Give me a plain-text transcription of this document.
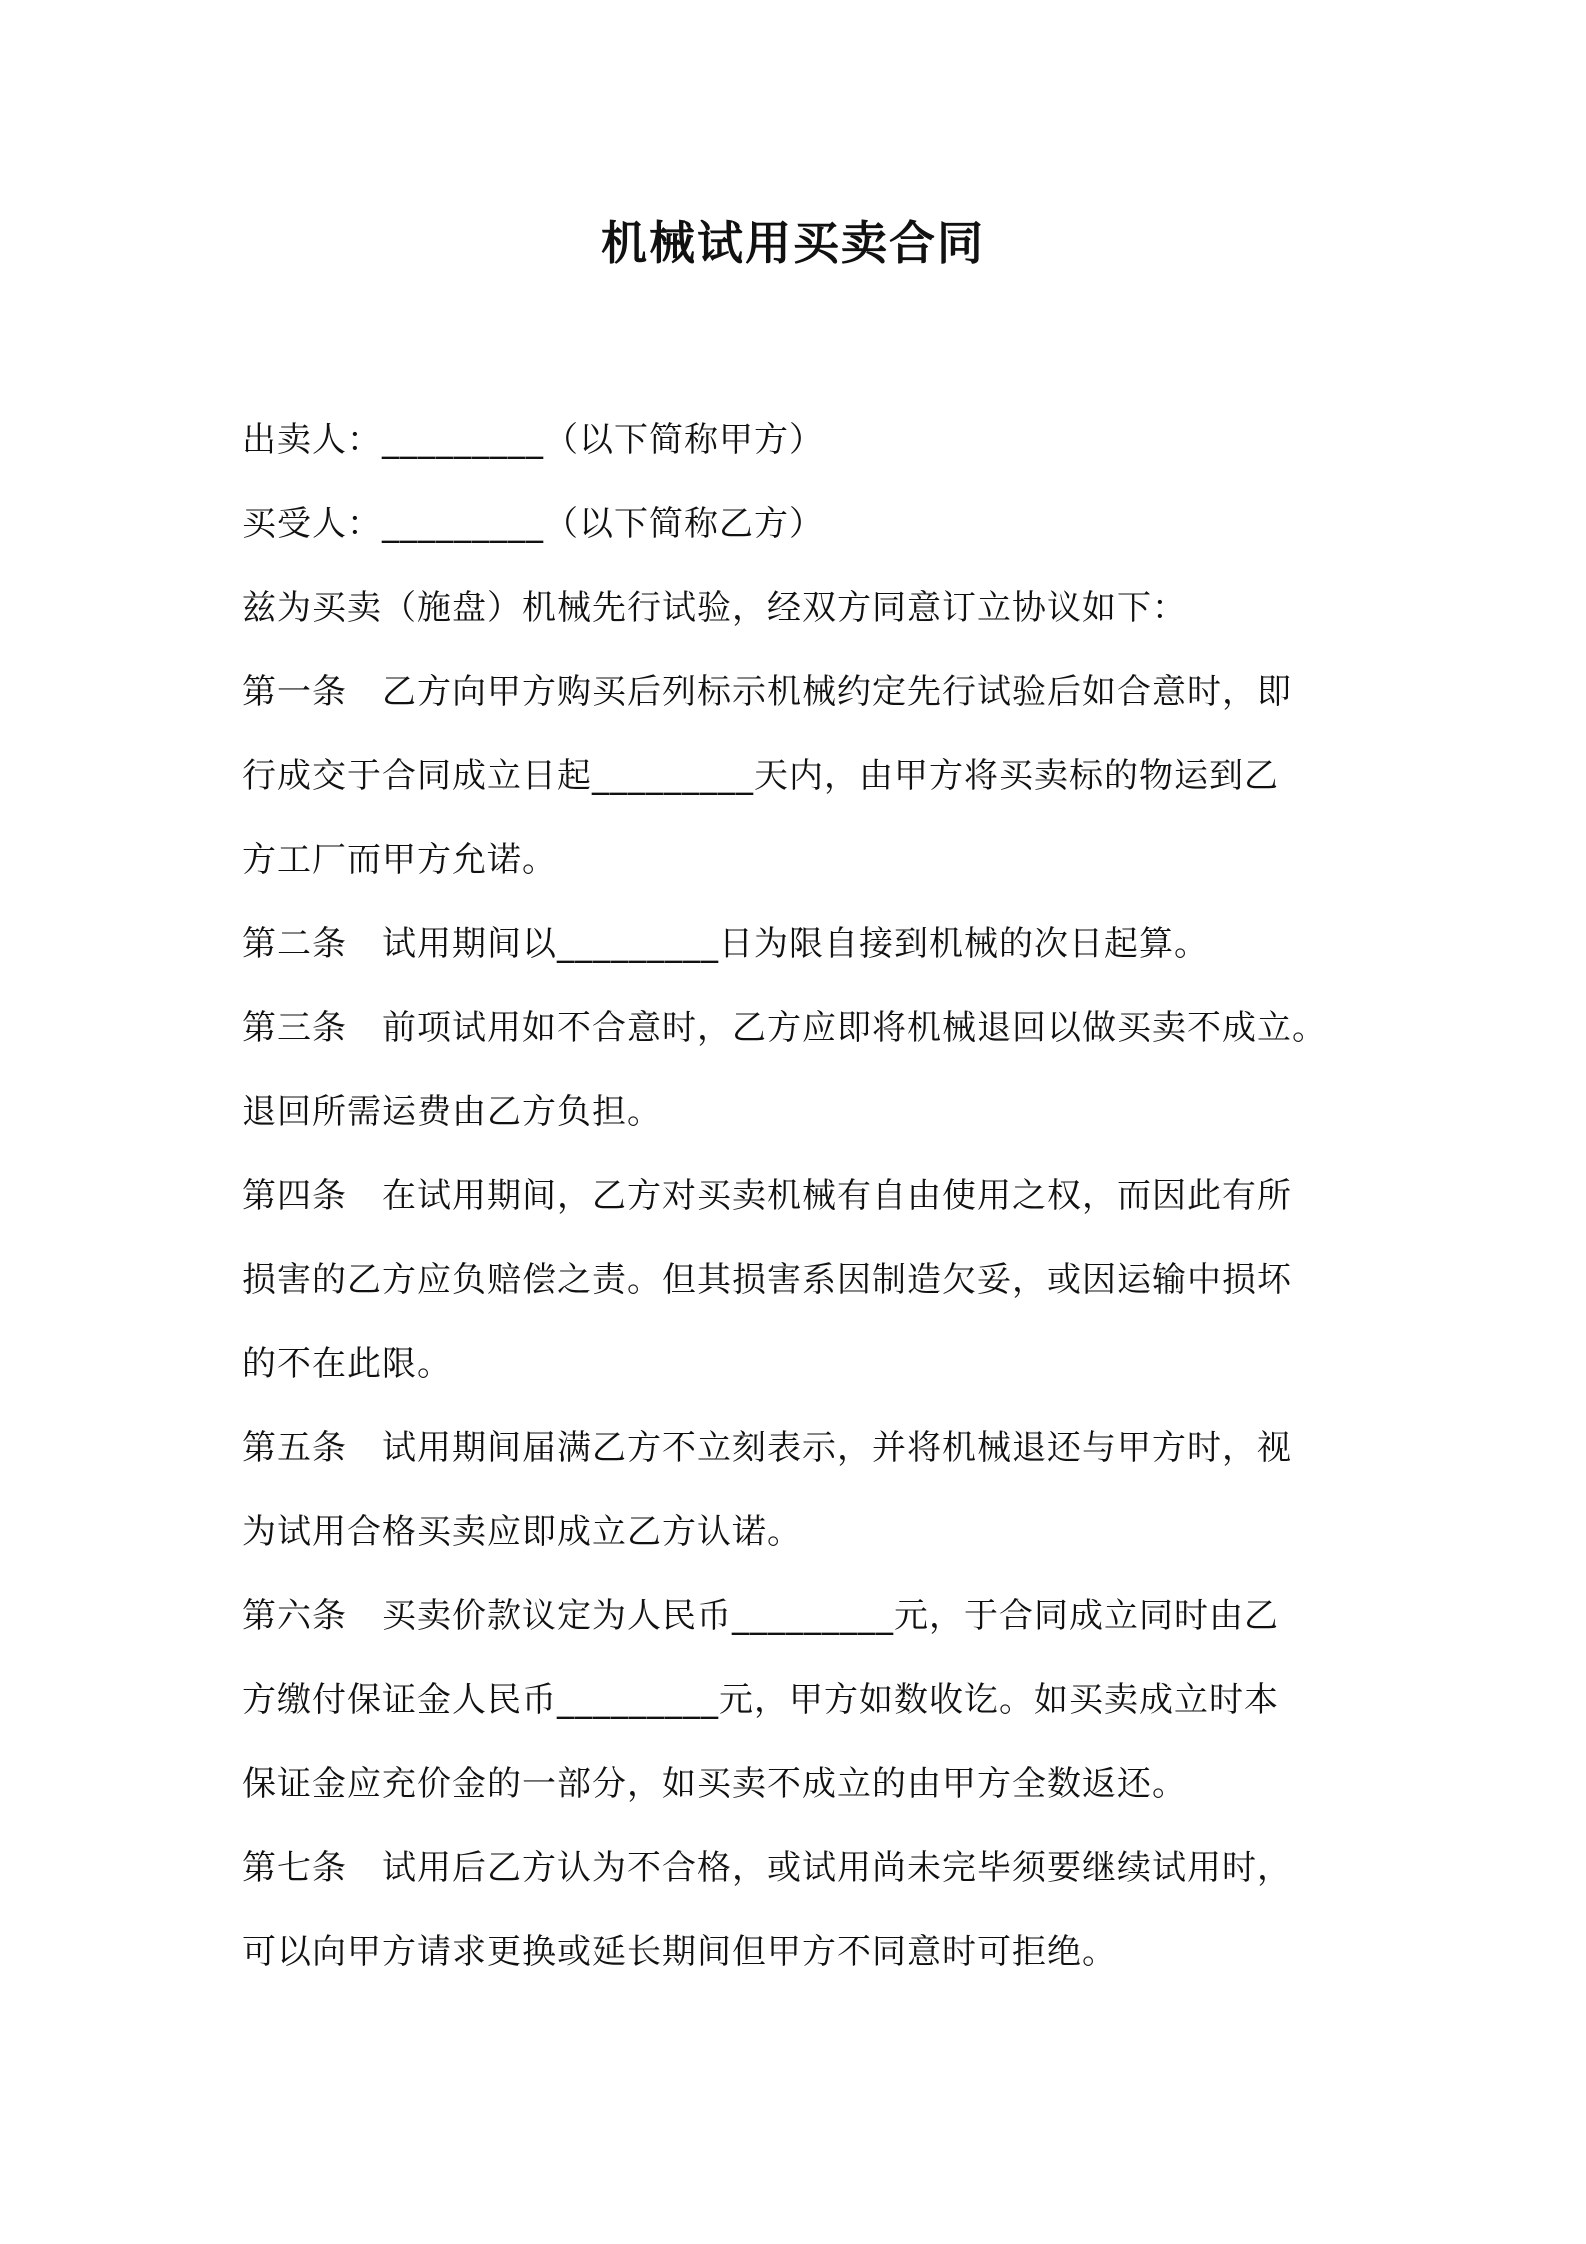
机械试用买卖合同
出卖人：_________（以下简称甲方）
买受人：_________（以下简称乙方）
兹为买卖（施盘）机械先行试验，经双方同意订立协议如下：
第一条　乙方向甲方购买后列标示机械约定先行试验后如合意时，即
行成交于合同成立日起_________天内，由甲方将买卖标的物运到乙
方工厂而甲方允诺。
第二条　试用期间以_________日为限自接到机械的次日起算。
第三条　前项试用如不合意时，乙方应即将机械退回以做买卖不成立。
退回所需运费由乙方负担。
第四条　在试用期间，乙方对买卖机械有自由使用之权，而因此有所
损害的乙方应负赔偿之责。但其损害系因制造欠妥，或因运输中损坏
的不在此限。
第五条　试用期间届满乙方不立刻表示，并将机械退还与甲方时，视
为试用合格买卖应即成立乙方认诺。
第六条　买卖价款议定为人民币_________元，于合同成立同时由乙
方缴付保证金人民币_________元，甲方如数收讫。如买卖成立时本
保证金应充价金的一部分，如买卖不成立的由甲方全数返还。
第七条　试用后乙方认为不合格，或试用尚未完毕须要继续试用时，
可以向甲方请求更换或延长期间但甲方不同意时可拒绝。
